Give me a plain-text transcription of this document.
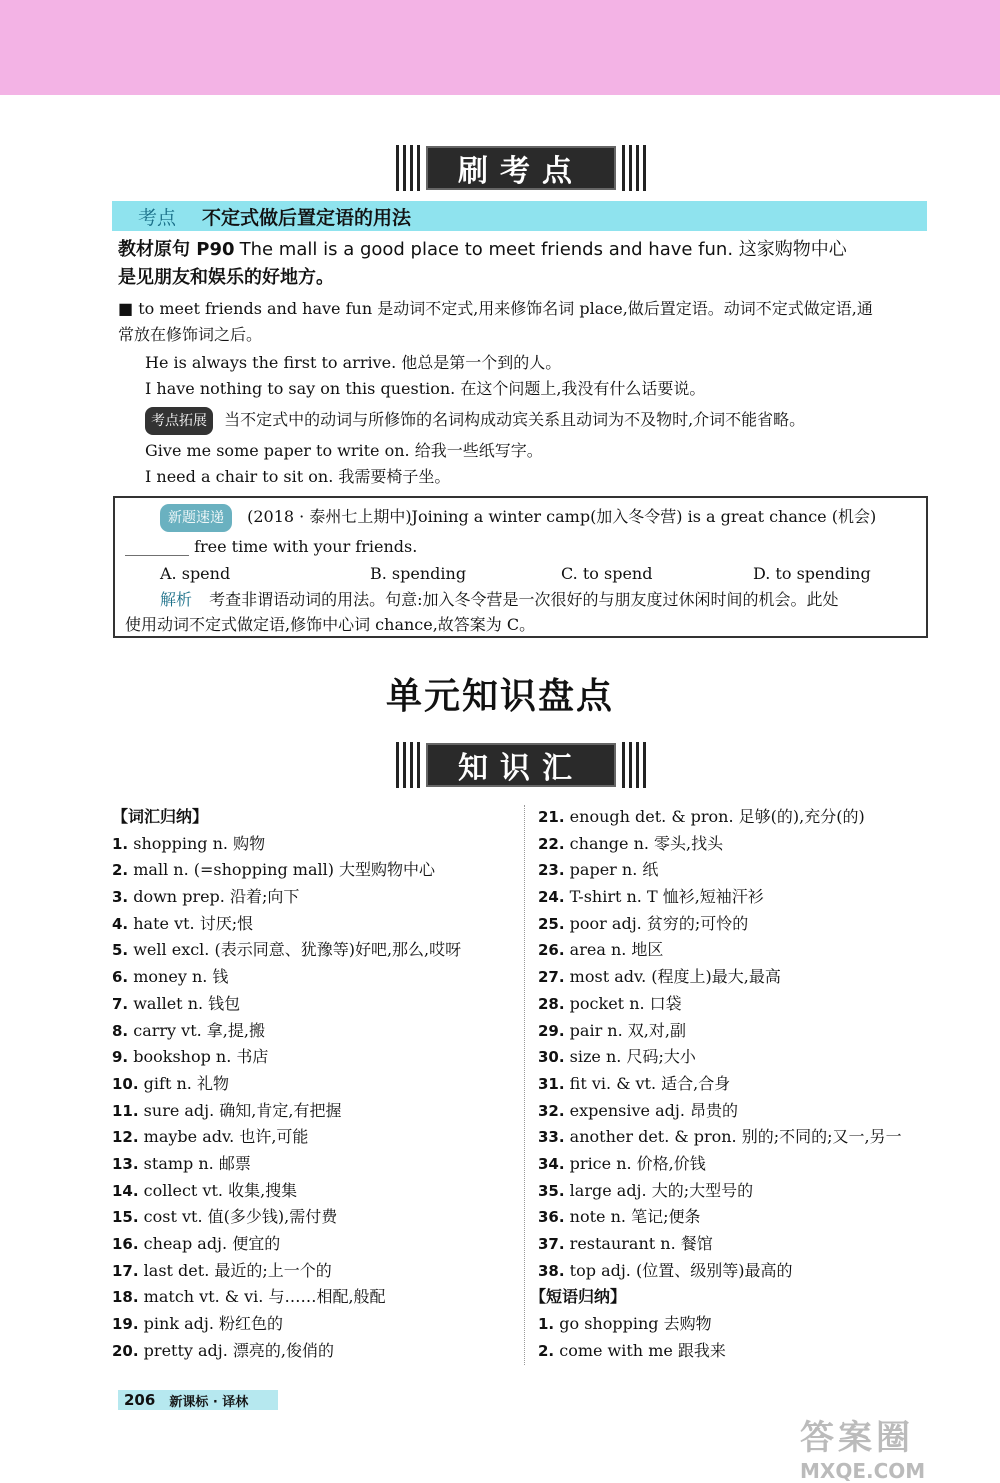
刷考点
考点	不定式做后置定语的用法
教材原句 P90 The mall is a good place to meet friends and have fun. 这家购物中心
是见朋友和娱乐的好地方。
■ to meet friends and have fun 是动词不定式,用来修饰名词 place,做后置定语。动词不定式做定语,通
常放在修饰词之后。
He is always the first to arrive. 他总是第一个到的人。
I have nothing to say on this question. 在这个问题上,我没有什么话要说。
考点拓展 当不定式中的动词与所修饰的名词构成动宾关系且动词为不及物时,介词不能省略。
Give me some paper to write on. 给我一些纸写字。
I need a chair to sit on. 我需要椅子坐。
新题速递 (2018 · 泰州七上期中)Joining a winter camp(加入冬令营) is a great chance (机会)
________ free time with your friends.
A. spend	B. spending	C. to spend	D. to spending
解析 考查非谓语动词的用法。句意:加入冬令营是一次很好的与朋友度过休闲时间的机会。此处
使用动词不定式做定语,修饰中心词 chance,故答案为 C。
单元知识盘点
知识汇
【词汇归纳】
1. shopping n. 购物
2. mall n. (=shopping mall) 大型购物中心
3. down prep. 沿着;向下
4. hate vt. 讨厌;恨
5. well excl. (表示同意、犹豫等)好吧,那么,哎呀
6. money n. 钱
7. wallet n. 钱包
8. carry vt. 拿,提,搬
9. bookshop n. 书店
10. gift n. 礼物
11. sure adj. 确知,肯定,有把握
12. maybe adv. 也许,可能
13. stamp n. 邮票
14. collect vt. 收集,搜集
15. cost vt. 值(多少钱),需付费
16. cheap adj. 便宜的
17. last det. 最近的;上一个的
18. match vt. & vi. 与……相配,般配
19. pink adj. 粉红色的
20. pretty adj. 漂亮的,俊俏的
21. enough det. & pron. 足够(的),充分(的)
22. change n. 零头,找头
23. paper n. 纸
24. T-shirt n. T 恤衫,短袖汗衫
25. poor adj. 贫穷的;可怜的
26. area n. 地区
27. most adv. (程度上)最大,最高
28. pocket n. 口袋
29. pair n. 双,对,副
30. size n. 尺码;大小
31. fit vi. & vt. 适合,合身
32. expensive adj. 昂贵的
33. another det. & pron. 别的;不同的;又一,另一
34. price n. 价格,价钱
35. large adj. 大的;大型号的
36. note n. 笔记;便条
37. restaurant n. 餐馆
38. top adj. (位置、级别等)最高的
【短语归纳】
1. go shopping 去购物
2. come with me 跟我来
206	新课标 · 译林
答案圈
MXQE.COM
